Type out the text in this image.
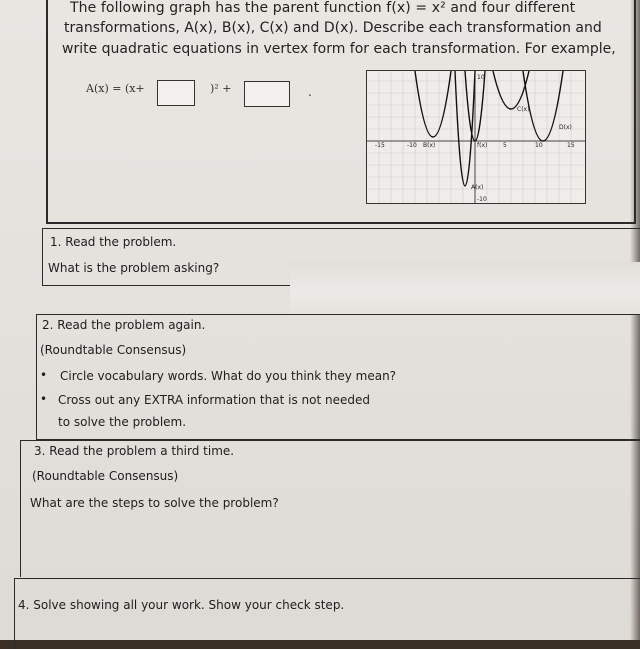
The following graph has the parent function f(x) = x² and four different
transformations, A(x), B(x), C(x) and D(x). Describe each transformation and
write quadratic equations in vertex form for each transformation. For example,
A(x) = (x+	)² +	.
f(x)
A(x)
B(x)
C(x)
D(x)
-15	-10	5	10	15
10
-10
1. Read the problem.
What is the problem asking?
2. Read the problem again.
(Roundtable Consensus)
• Circle vocabulary words. What do you think they mean?
• Cross out any EXTRA information that is not needed
to solve the problem.
3. Read the problem a third time.
(Roundtable Consensus)
What are the steps to solve the problem?
4. Solve showing all your work. Show your check step.
